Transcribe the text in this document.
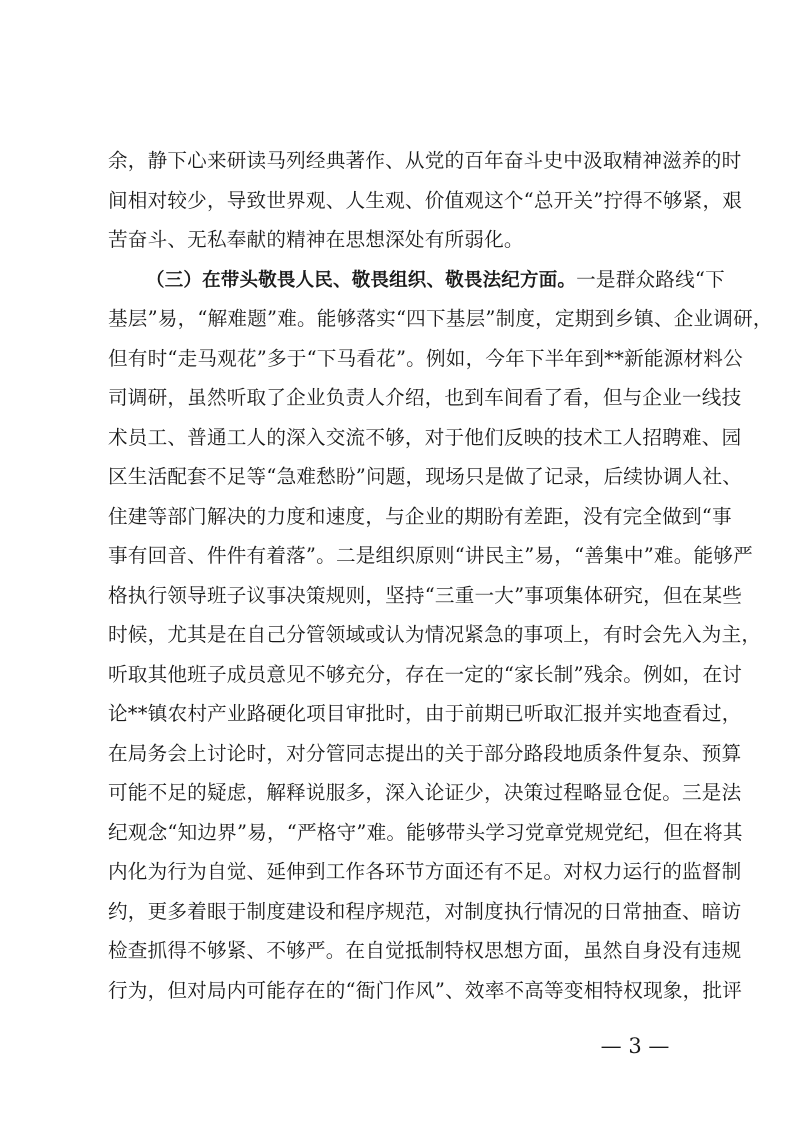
余，静下心来研读马列经典著作、从党的百年奋斗史中汲取精神滋养的时
间相对较少，导致世界观、人生观、价值观这个“总开关”拧得不够紧，艰
苦奋斗、无私奉献的精神在思想深处有所弱化。
（三）在带头敬畏人民、敬畏组织、敬畏法纪方面。一是群众路线“下
基层”易，“解难题”难。能够落实“四下基层”制度，定期到乡镇、企业调研，
但有时“走马观花”多于“下马看花”。例如，今年下半年到**新能源材料公
司调研，虽然听取了企业负责人介绍，也到车间看了看，但与企业一线技
术员工、普通工人的深入交流不够，对于他们反映的技术工人招聘难、园
区生活配套不足等“急难愁盼”问题，现场只是做了记录，后续协调人社、
住建等部门解决的力度和速度，与企业的期盼有差距，没有完全做到“事
事有回音、件件有着落”。二是组织原则“讲民主”易，“善集中”难。能够严
格执行领导班子议事决策规则，坚持“三重一大”事项集体研究，但在某些
时候，尤其是在自己分管领域或认为情况紧急的事项上，有时会先入为主，
听取其他班子成员意见不够充分，存在一定的“家长制”残余。例如，在讨
论**镇农村产业路硬化项目审批时，由于前期已听取汇报并实地查看过，
在局务会上讨论时，对分管同志提出的关于部分路段地质条件复杂、预算
可能不足的疑虑，解释说服多，深入论证少，决策过程略显仓促。三是法
纪观念“知边界”易，“严格守”难。能够带头学习党章党规党纪，但在将其
内化为行为自觉、延伸到工作各环节方面还有不足。对权力运行的监督制
约，更多着眼于制度建设和程序规范，对制度执行情况的日常抽查、暗访
检查抓得不够紧、不够严。在自觉抵制特权思想方面，虽然自身没有违规
行为，但对局内可能存在的“衙门作风”、效率不高等变相特权现象，批评
— 3 —
